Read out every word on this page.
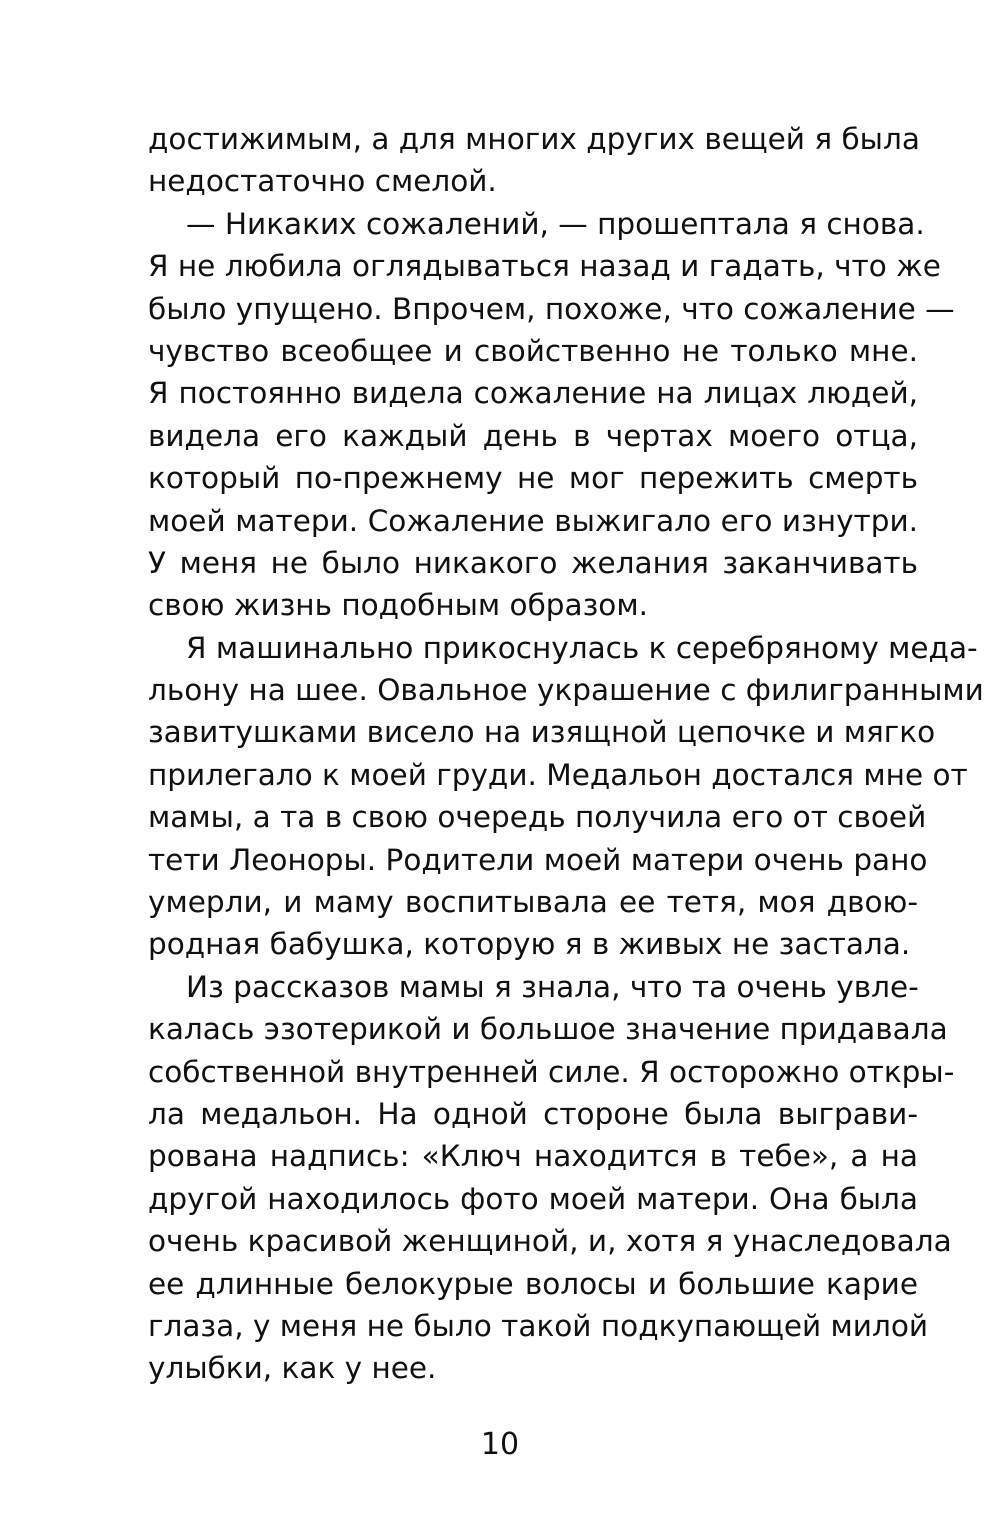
достижимым, а для многих других вещей я была
недостаточно смелой.
— Никаких сожалений, — прошептала я снова.
Я не любила оглядываться назад и гадать, что же
было упущено. Впрочем, похоже, что сожаление —
чувство всеобщее и свойственно не только мне.
Я постоянно видела сожаление на лицах людей,
видела его каждый день в чертах моего отца,
который по-прежнему не мог пережить смерть
моей матери. Сожаление выжигало его изнутри.
У меня не было никакого желания заканчивать
свою жизнь подобным образом.
Я машинально прикоснулась к серебряному меда-
льону на шее. Овальное украшение с филигранными
завитушками висело на изящной цепочке и мягко
прилегало к моей груди. Медальон достался мне от
мамы, а та в свою очередь получила его от своей
тети Леоноры. Родители моей матери очень рано
умерли, и маму воспитывала ее тетя, моя двою-
родная бабушка, которую я в живых не застала.
Из рассказов мамы я знала, что та очень увле-
калась эзотерикой и большое значение придавала
собственной внутренней силе. Я осторожно откры-
ла медальон. На одной стороне была выграви-
рована надпись: «Ключ находится в тебе», а на
другой находилось фото моей матери. Она была
очень красивой женщиной, и, хотя я унаследовала
ее длинные белокурые волосы и большие карие
глаза, у меня не было такой подкупающей милой
улыбки, как у нее.
10
